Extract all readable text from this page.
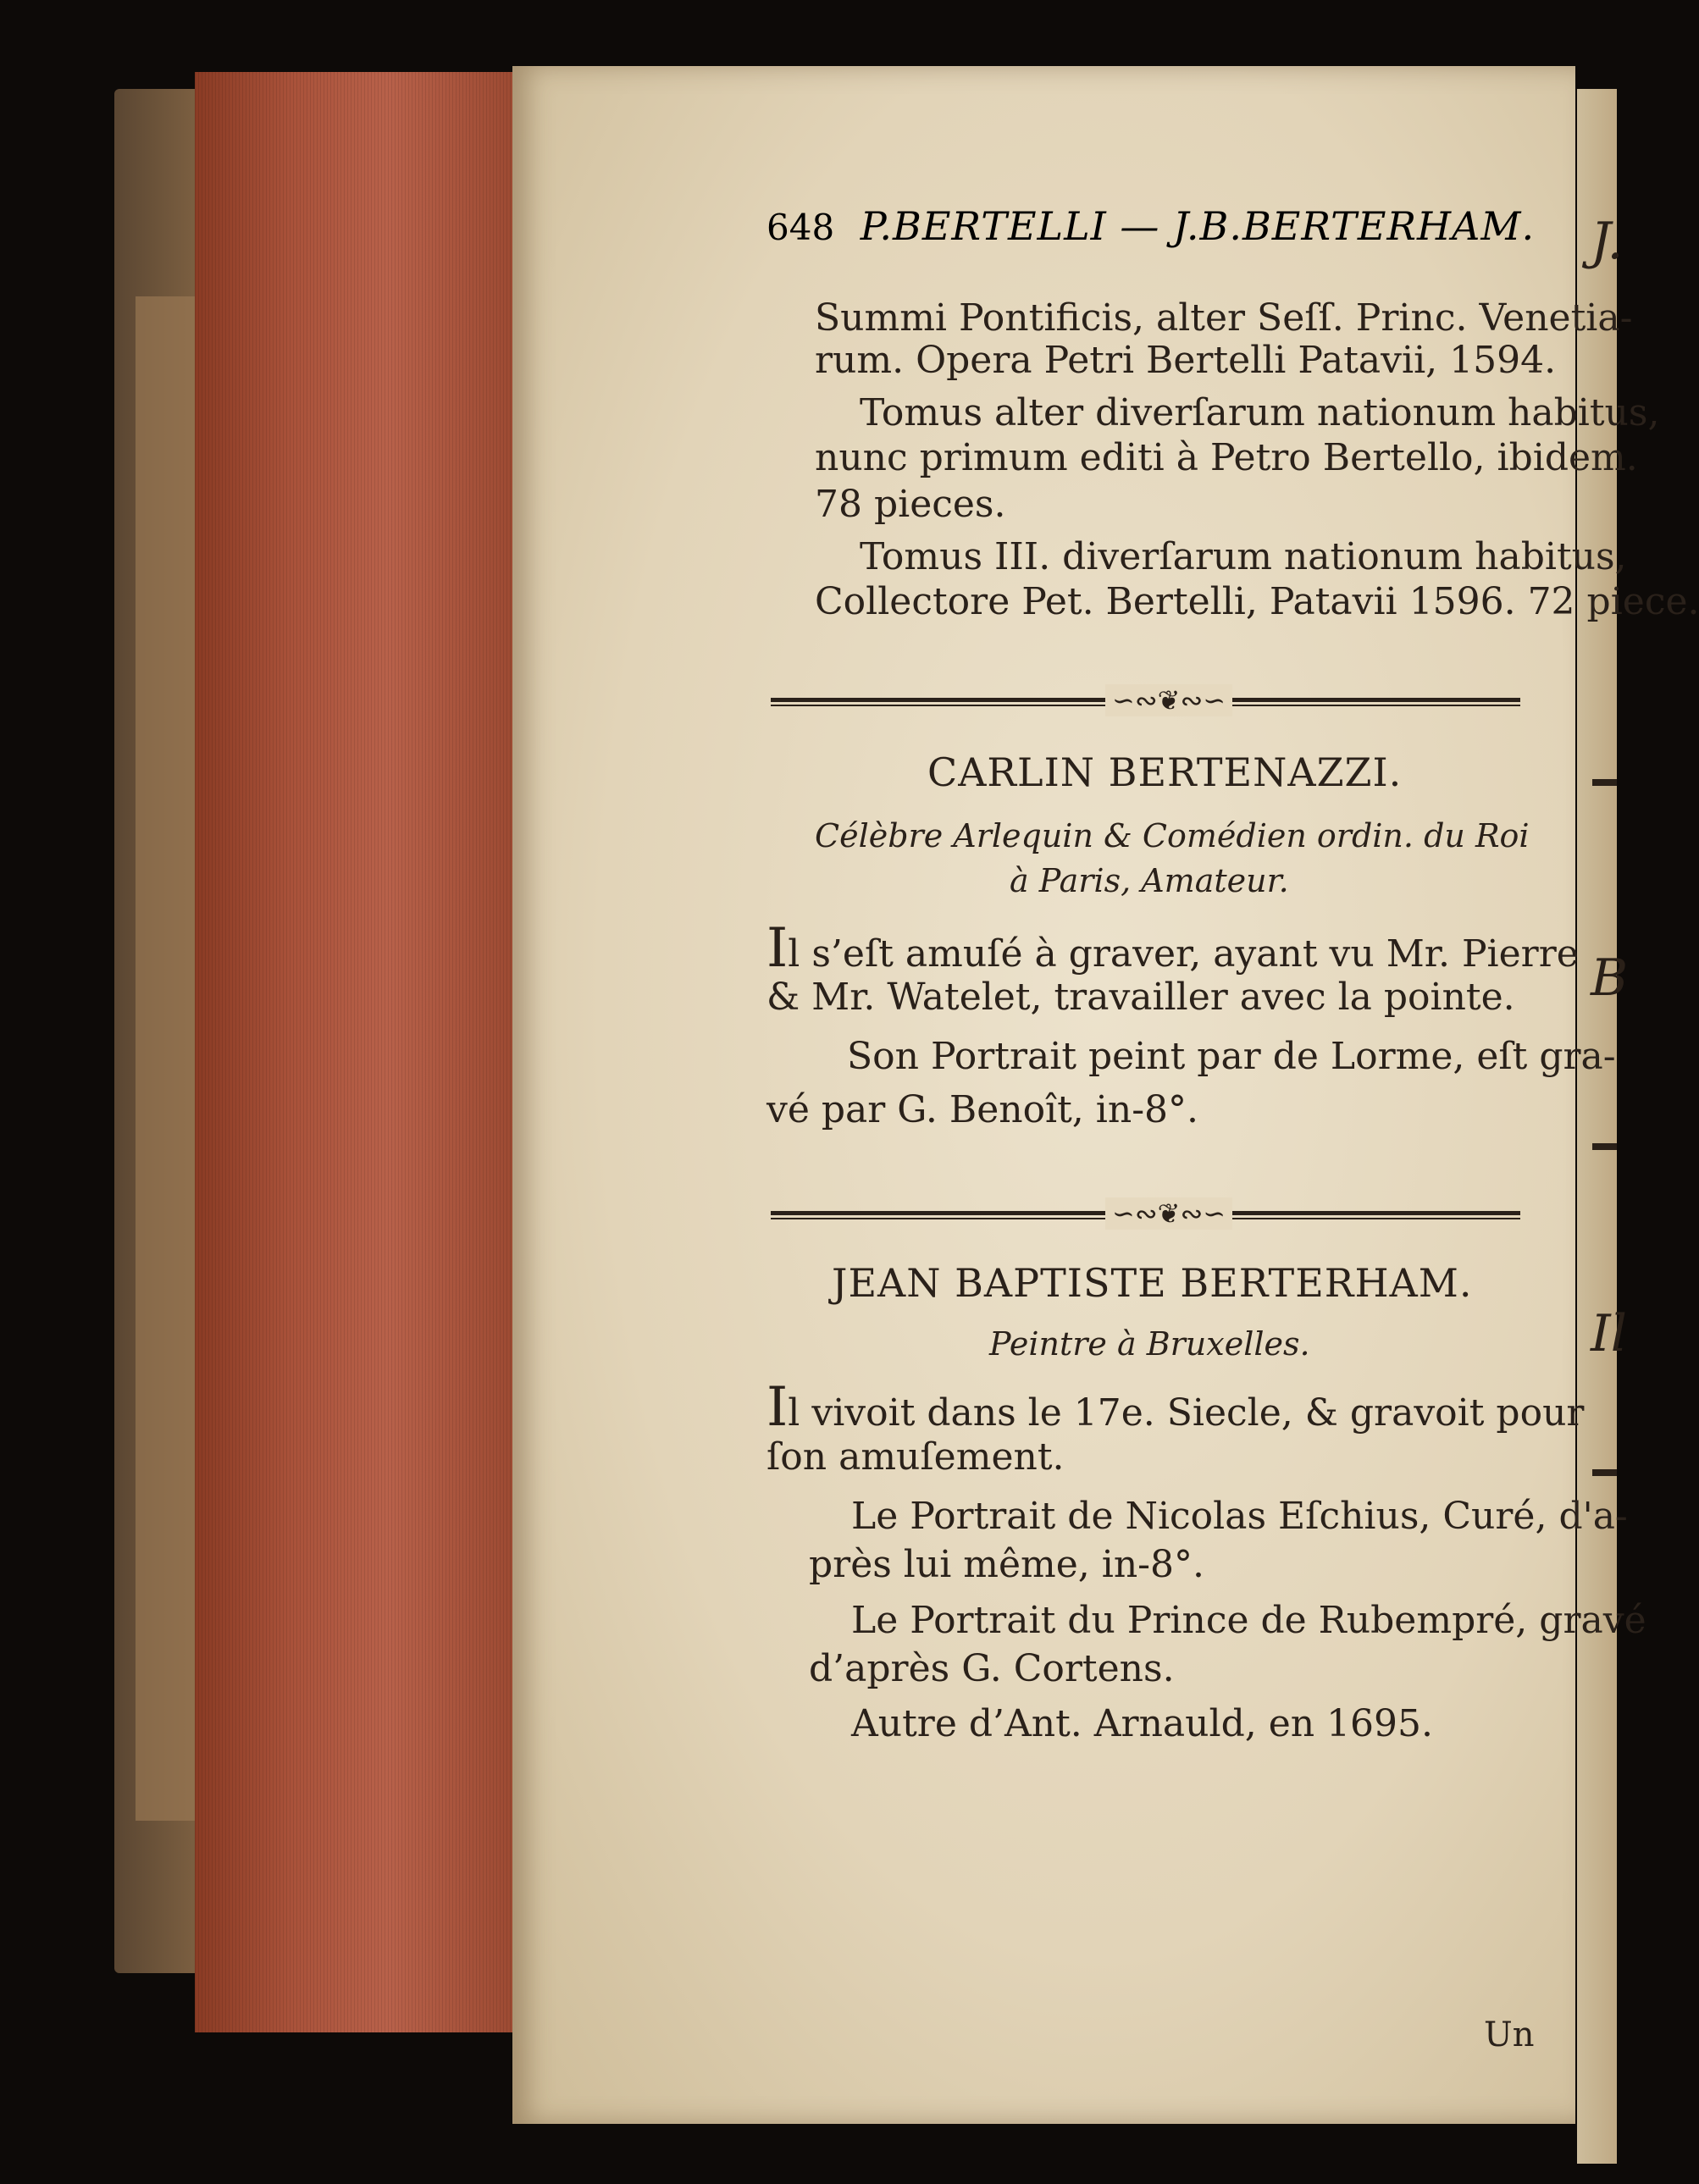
J.
B
Il
648 P.BERTELLI — J.B.BERTERHAM.
Summi Pontificis, alter Seſſ. Princ. Venetia-
rum. Opera Petri Bertelli Patavii, 1594.
Tomus alter diverſarum nationum habitus,
nunc primum editi à Petro Bertello, ibidem.
78 pieces.
Tomus III. diverſarum nationum habitus,
Collectore Pet. Bertelli, Patavii 1596. 72 piece.
∽∾❦∾∽
CARLIN BERTENAZZI.
Célèbre Arlequin & Comédien ordin. du Roi
à Paris, Amateur.
Il s’eſt amuſé à graver, ayant vu Mr. Pierre
& Mr. Watelet, travailler avec la pointe.
Son Portrait peint par de Lorme, eſt gra-
vé par G. Benoît, in-8°.
∽∾❦∾∽
JEAN BAPTISTE BERTERHAM.
Peintre à Bruxelles.
Il vivoit dans le 17e. Siecle, & gravoit pour
ſon amuſement.
Le Portrait de Nicolas Eſchius, Curé, d'a-
près lui même, in-8°.
Le Portrait du Prince de Rubempré, gravé
d’après G. Cortens.
Autre d’Ant. Arnauld, en 1695.
Un
